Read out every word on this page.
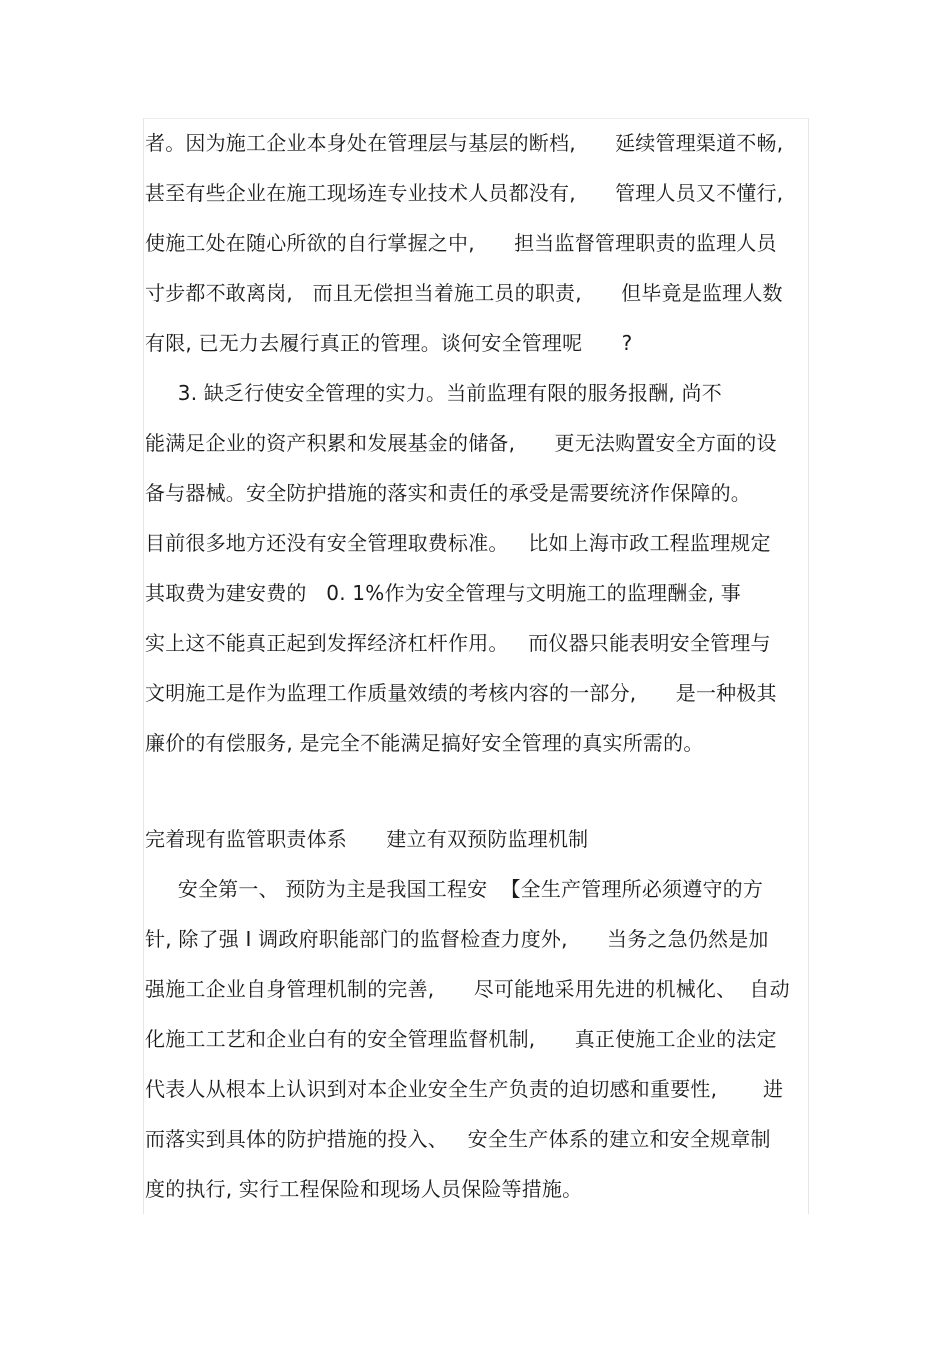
者。因为施工企业本身处在管理层与基层的断档,      延续管理渠道不畅,
甚至有些企业在施工现场连专业技术人员都没有,      管理人员又不懂行,
使施工处在随心所欲的自行掌握之中,      担当监督管理职责的监理人员
寸步都不敢离岗,   而且无偿担当着施工员的职责,      但毕竟是监理人数
有限, 已无力去履行真正的管理。谈何安全管理呢      ?
3. 缺乏行使安全管理的实力。当前监理有限的服务报酬, 尚不
能满足企业的资产积累和发展基金的储备,      更无法购置安全方面的设
备与器械。安全防护措施的落实和责任的承受是需要统济作保障的。
目前很多地方还没有安全管理取费标准。   比如上海市政工程监理规定
其取费为建安费的   0. 1%作为安全管理与文明施工的监理酬金, 事
实上这不能真正起到发挥经济杠杆作用。   而仪器只能表明安全管理与
文明施工是作为监理工作质量效绩的考核内容的一部分,      是一种极其
廉价的有偿服务, 是完全不能满足搞好安全管理的真实所需的。
完着现有监管职责体系      建立有双预防监理机制
安全第一、 预防为主是我国工程安  【全生产管理所必须遵守的方
针, 除了强 I 调政府职能部门的监督检查力度外,      当务之急仍然是加
强施工企业自身管理机制的完善,      尽可能地采用先进的机械化、  自动
化施工工艺和企业白有的安全管理监督机制,      真正使施工企业的法定
代表人从根本上认识到对本企业安全生产负责的迫切感和重要性,       进
而落实到具体的防护措施的投入、   安全生产体系的建立和安全规章制
度的执行, 实行工程保险和现场人员保险等措施。
